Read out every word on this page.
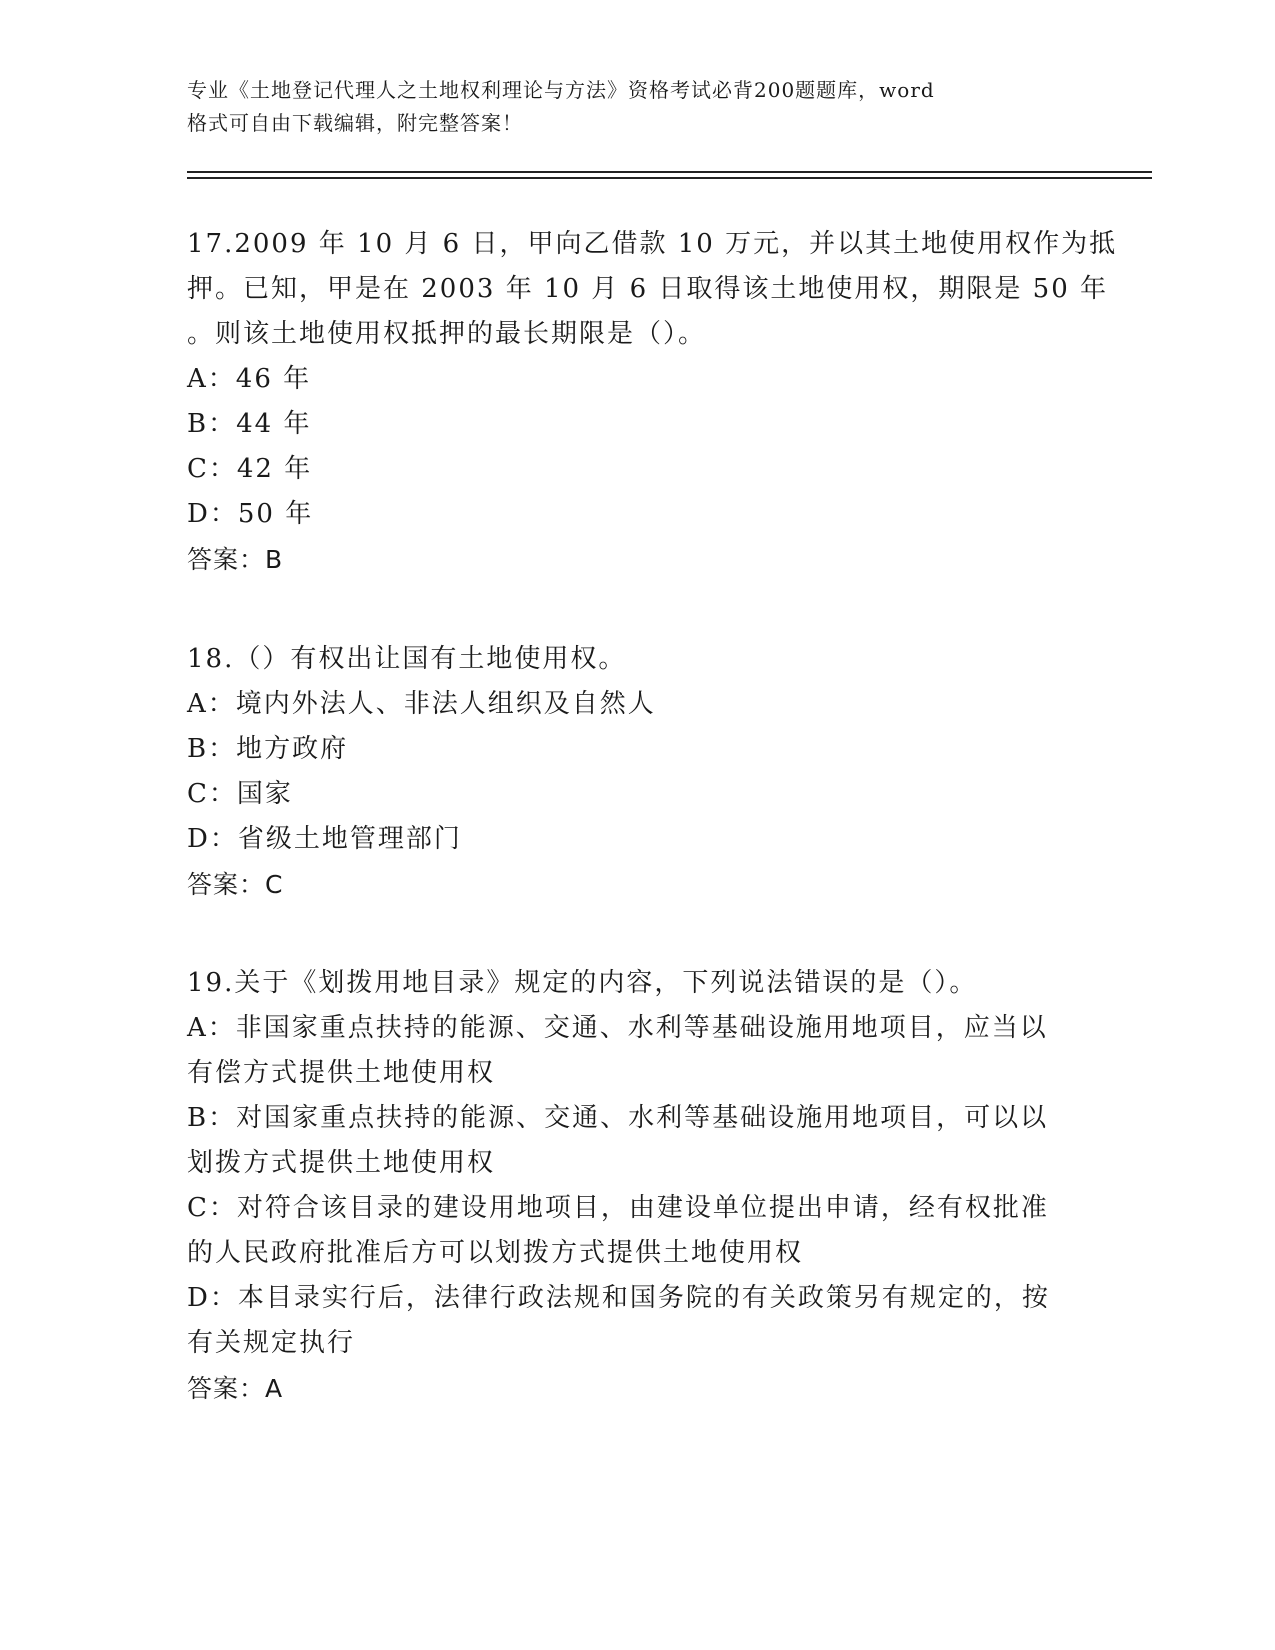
专业《土地登记代理人之土地权利理论与方法》资格考试必背200题题库，word
格式可自由下载编辑，附完整答案！
17.2009 年 10 月 6 日，甲向乙借款 10 万元，并以其土地使用权作为抵
押。已知，甲是在 2003 年 10 月 6 日取得该土地使用权，期限是 50 年
。则该土地使用权抵押的最长期限是（）。
A：46 年
B：44 年
C：42 年
D：50 年
答案：B
18.（）有权出让国有土地使用权。
A：境内外法人、非法人组织及自然人
B：地方政府
C：国家
D：省级土地管理部门
答案：C
19.关于《划拨用地目录》规定的内容，下列说法错误的是（）。
A：非国家重点扶持的能源、交通、水利等基础设施用地项目，应当以
有偿方式提供土地使用权
B：对国家重点扶持的能源、交通、水利等基础设施用地项目，可以以
划拨方式提供土地使用权
C：对符合该目录的建设用地项目，由建设单位提出申请，经有权批准
的人民政府批准后方可以划拨方式提供土地使用权
D：本目录实行后，法律行政法规和国务院的有关政策另有规定的，按
有关规定执行
答案：A
